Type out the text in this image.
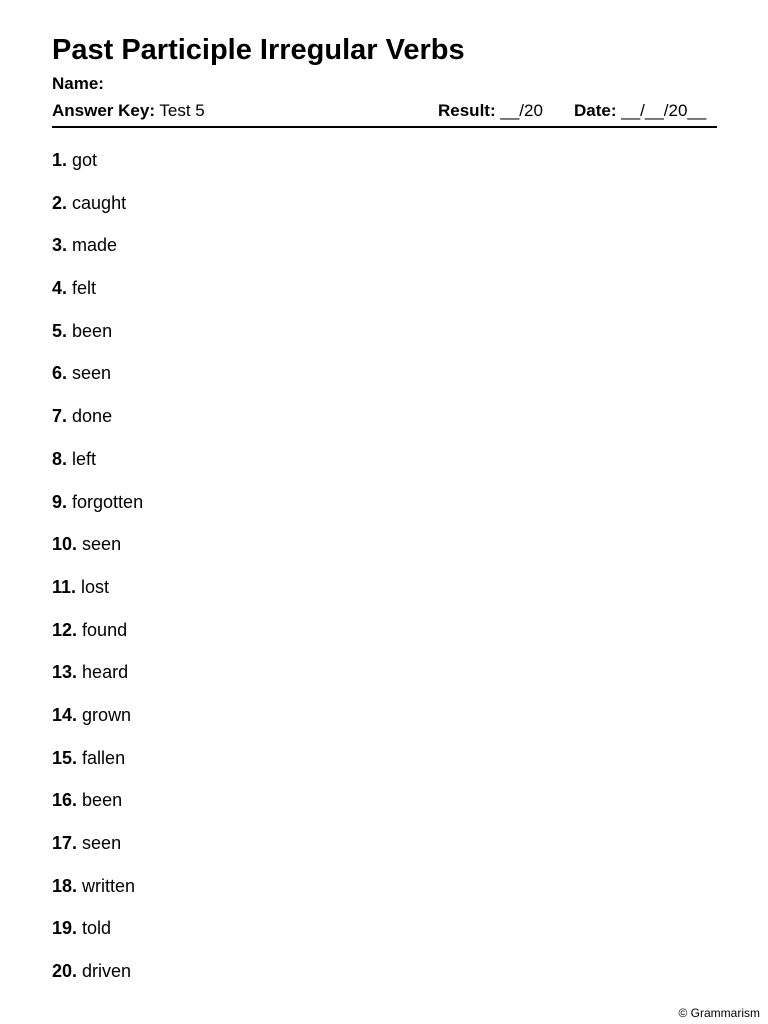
Past Participle Irregular Verbs
Name:
Answer Key: Test 5	Result: __/20 Date: __/__/20__
1. got
2. caught
3. made
4. felt
5. been
6. seen
7. done
8. left
9. forgotten
10. seen
11. lost
12. found
13. heard
14. grown
15. fallen
16. been
17. seen
18. written
19. told
20. driven
© Grammarism
